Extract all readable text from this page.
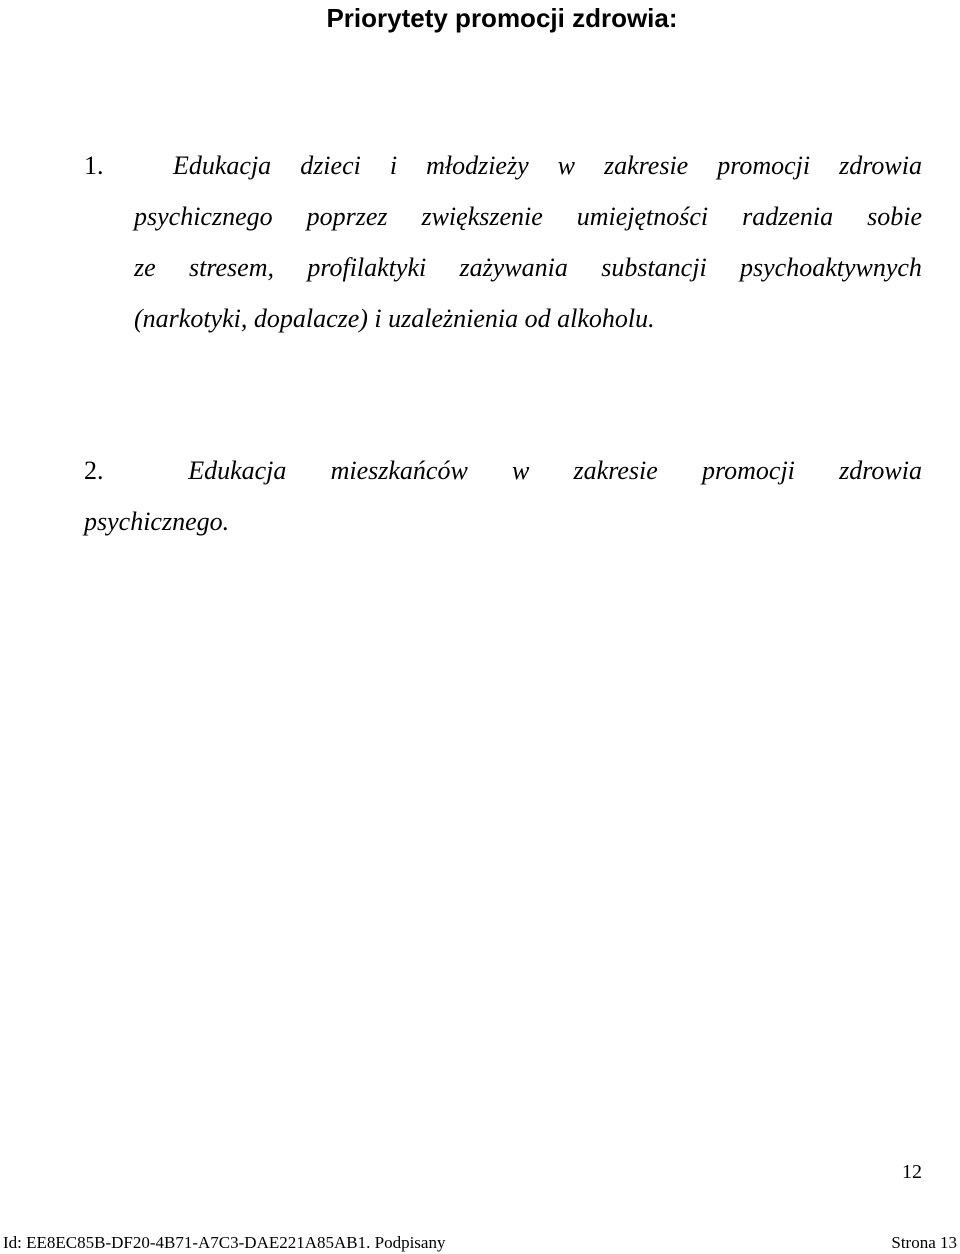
Priorytety promocji zdrowia:
1.	Edukacja dzieci i młodzieży w zakresie promocji zdrowia
psychicznego poprzez zwiększenie umiejętności radzenia sobie
ze stresem, profilaktyki zażywania substancji psychoaktywnych
(narkotyki, dopalacze) i uzależnienia od alkoholu.
2.	Edukacja mieszkańców w zakresie promocji zdrowia
psychicznego.
12
Id: EE8EC85B-DF20-4B71-A7C3-DAE221A85AB1. Podpisany	Strona 13
